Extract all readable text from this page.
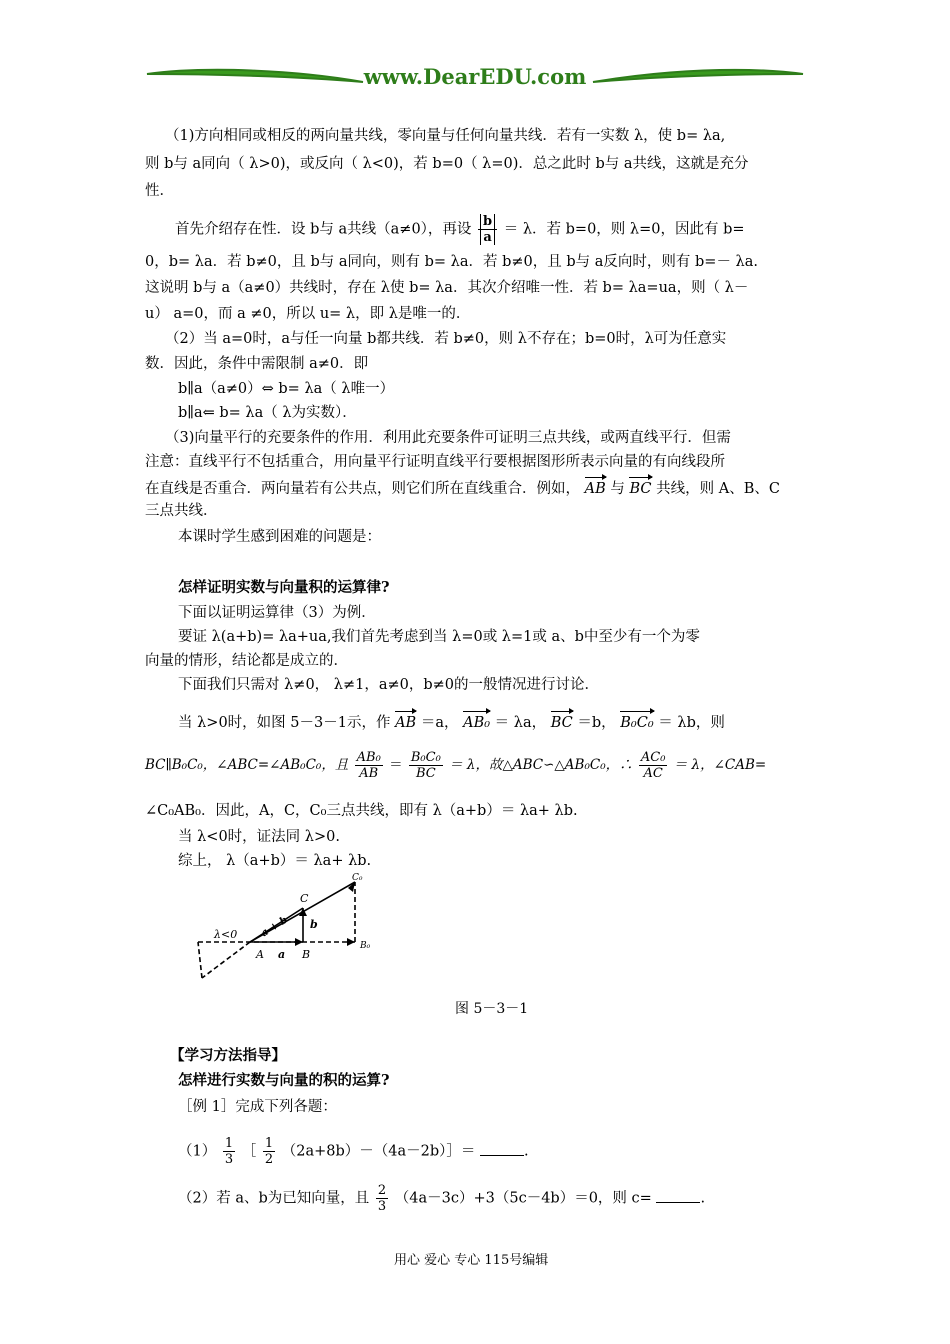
www.DearEDU.com
（1)方向相同或相反的两向量共线，零向量与任何向量共线．若有一实数 λ，使 b= λa,
则 b与 a同向（ λ>0)，或反向（ λ<0)，若 b=0（ λ=0)．总之此时 b与 a共线，这就是充分
性．
首先介绍存在性．设 b与 a共线（a≠0），再设 $\frac{b}{a} = \lambda$．若 b=0，则 λ=0，因此有 b=
0，b= λa．若 b≠0，且 b与 a同向，则有 b= λa．若 b≠0，且 b与 a反向时，则有 b=－ λa.
这说明 b与 a（a≠0）共线时，存在 λ使 b= λa．其次介绍唯一性．若 b= λa=ua，则（ λ－
u） a=0，而 a ≠0，所以 u= λ，即 λ是唯一的．
（2）当 a=0时，a与任一向量 b都共线．若 b≠0，则 λ不存在；b=0时，λ可为任意实
数．因此，条件中需限制 a≠0．即
b∥a（a≠0）⇔ b= λa（ λ唯一）
b∥a⇐ b= λa（ λ为实数）．
（3)向量平行的充要条件的作用．利用此充要条件可证明三点共线，或两直线平行．但需
注意：直线平行不包括重合，用向量平行证明直线平行要根据图形所表示向量的有向线段所
在直线是否重合．两向量若有公共点，则它们所在直线重合．例如， AB 与 BC 共线，则 A、B、C
三点共线．
本课时学生感到困难的问题是：
怎样证明实数与向量积的运算律?
下面以证明运算律（3）为例．
要证 λ(a+b)= λa+ua,我们首先考虑到当 λ=0或 λ=1或 a、b中至少有一个为零
向量的情形，结论都是成立的．
下面我们只需对 λ≠0， λ≠1，a≠0，b≠0的一般情况进行讨论．
当 λ>0时，如图 5－3－1示，作 AB ＝a， AB₀ ＝ λa， BC ＝b， B₀C₀ ＝ λb，则
BC∥B₀C₀，∠ABC=∠AB₀C₀，且 $\frac{\text{AB₀}}{AB} = \frac{\text{B₀C₀}}{BC} = \lambda$，故△ABC∽△AB₀C₀，∴ $\frac{\text{AC₀}}{AC} = \lambda$，∠CAB=
∠C₀AB₀．因此，A，C，C₀三点共线，即有 λ（a+b）＝ λa+ λb.
当 λ<0时，证法同 λ>0.
综上， λ（a+b）＝ λa+ λb.
λ<0
A a B
B₀
C
C₀
b
a + b
图 5－3－1
【学习方法指导】
怎样进行实数与向量的积的运算?
［例 1］完成下列各题：
$(1) \frac{1}{3}$ ［ $\frac{1}{2}$ （2a+8b）－（4a－2b）］＝	.
（2）若 a、b为已知向量，且 $\frac{2}{3} (4a-3c)+3(5c-4b)=0$，则 c=	.
用心 爱心 专心 115号编辑
